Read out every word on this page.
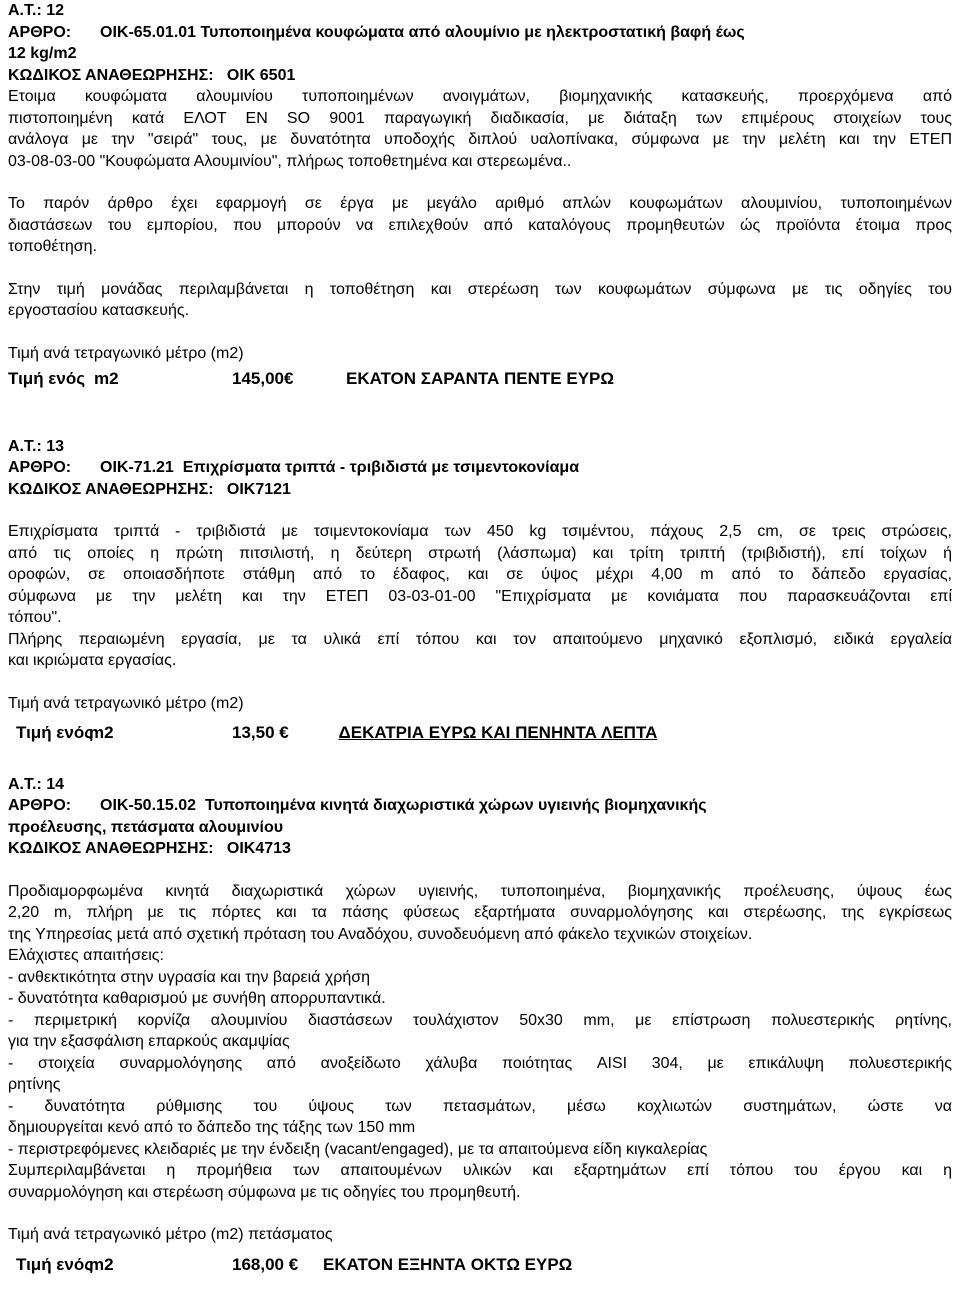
Α.Τ.: 12
ΑΡΘΡΟ: ΟΙΚ-65.01.01 Τυποποιημένα κουφώματα από αλουμίνιο με ηλεκτροστατική βαφή έως
12 kg/m2
ΚΩΔΙΚΟΣ ΑΝΑΘΕΩΡΗΣΗΣ: ΟΙΚ 6501
Ετοιμα κουφώματα αλουμινίου τυποποιημένων ανοιγμάτων, βιομηχανικής κατασκευής, προερχόμενα από
πιστοποιημένη κατά ΕΛΟΤ ΕΝ SO 9001 παραγωγική διαδικασία, με διάταξη των επιμέρους στοιχείων τους
ανάλογα με την "σειρά" τους, με δυνατότητα υποδοχής διπλού υαλοπίνακα, σύμφωνα με την μελέτη και την ΕΤΕΠ
03-08-03-00 "Κουφώματα Αλουμινίου", πλήρως τοποθετημένα και στερεωμένα..
Το παρόν άρθρο έχει εφαρμογή σε έργα με μεγάλο αριθμό απλών κουφωμάτων αλουμινίου, τυποποιημένων
διαστάσεων του εμπορίου, που μπορούν να επιλεχθούν από καταλόγους προμηθευτών ώς προϊόντα έτοιμα προς
τοποθέτηση.
Στην τιμή μονάδας περιλαμβάνεται η τοποθέτηση και στερέωση των κουφωμάτων σύμφωνα με τις οδηγίες του
εργοστασίου κατασκευής.
Τιμή ανά τετραγωνικό μέτρο (m2)
Τιμή ενός m2	145,00 €	ΕΚΑΤΟΝ ΣΑΡΑΝΤΑ ΠΕΝΤΕ ΕΥΡΩ
Α.Τ.: 13
ΑΡΘΡΟ: ΟΙΚ-71.21 Επιχρίσματα τριπτά - τριβιδιστά με τσιμεντοκονίαμα
ΚΩΔΙΚΟΣ ΑΝΑΘΕΩΡΗΣΗΣ: ΟΙΚ7121
Επιχρίσματα τριπτά - τριβιδιστά με τσιμεντοκονίαμα των 450 kg τσιμέντου, πάχους 2,5 cm, σε τρεις στρώσεις,
από τις οποίες η πρώτη πιτσιλιστή, η δεύτερη στρωτή (λάσπωμα) και τρίτη τριπτή (τριβιδιστή), επί τοίχων ή
οροφών, σε οποιασδήποτε στάθμη από το έδαφος, και σε ύψος μέχρι 4,00 m από το δάπεδο εργασίας,
σύμφωνα με την μελέτη και την ΕΤΕΠ 03-03-01-00 "Επιχρίσματα με κονιάματα που παρασκευάζονται επί
τόπου".
Πλήρης περαιωμένη εργασία, με τα υλικά επί τόπου και τον απαιτούμενο μηχανικό εξοπλισμό, ειδικά εργαλεία
και ικριώματα εργασίας.
Τιμή ανά τετραγωνικό μέτρο (m2)
Τιμή ενός
m2	13,50 €	ΔΕΚΑΤΡΙΑ ΕΥΡΩ ΚΑΙ ΠΕΝΗΝΤΑ ΛΕΠΤΑ
Α.Τ.: 14
ΑΡΘΡΟ: ΟΙΚ-50.15.02 Τυποποιημένα κινητά διαχωριστικά χώρων υγιεινής βιομηχανικής
προέλευσης, πετάσματα αλουμινίου
ΚΩΔΙΚΟΣ ΑΝΑΘΕΩΡΗΣΗΣ: ΟΙΚ4713
Προδιαμορφωμένα κινητά διαχωριστικά χώρων υγιεινής, τυποποιημένα, βιομηχανικής προέλευσης, ύψους έως
2,20 m, πλήρη με τις πόρτες και τα πάσης φύσεως εξαρτήματα συναρμολόγησης και στερέωσης, της εγκρίσεως
της Υπηρεσίας μετά από σχετική πρόταση του Αναδόχου, συνοδευόμενη από φάκελο τεχνικών στοιχείων.
Ελάχιστες απαιτήσεις:
- ανθεκτικότητα στην υγρασία και την βαρειά χρήση
- δυνατότητα καθαρισμού με συνήθη απορρυπαντικά.
- περιμετρική κορνίζα αλουμινίου διαστάσεων τουλάχιστον 50x30 mm, με επίστρωση πολυεστερικής ρητίνης,
για την εξασφάλιση επαρκούς ακαμψίας
- στοιχεία συναρμολόγησης από ανοξείδωτο χάλυβα ποιότητας AISI 304, με επικάλυψη πολυεστερικής
ρητίνης
- δυνατότητα ρύθμισης του ύψους των πετασμάτων, μέσω κοχλιωτών συστημάτων, ώστε να
δημιουργείται κενό από το δάπεδο της τάξης των 150 mm
- περιστρεφόμενες κλειδαριές με την ένδειξη (vacant/engaged), με τα απαιτούμενα είδη κιγκαλερίας
Συμπεριλαμβάνεται η προμήθεια των απαιτουμένων υλικών και εξαρτημάτων επί τόπου του έργου και η
συναρμολόγηση και στερέωση σύμφωνα με τις οδηγίες του προμηθευτή.
Τιμή ανά τετραγωνικό μέτρο (m2) πετάσματος
Τιμή ενός
m2	168,00 €	ΕΚΑΤΟΝ ΕΞΗΝΤΑ ΟΚΤΩ ΕΥΡΩ
